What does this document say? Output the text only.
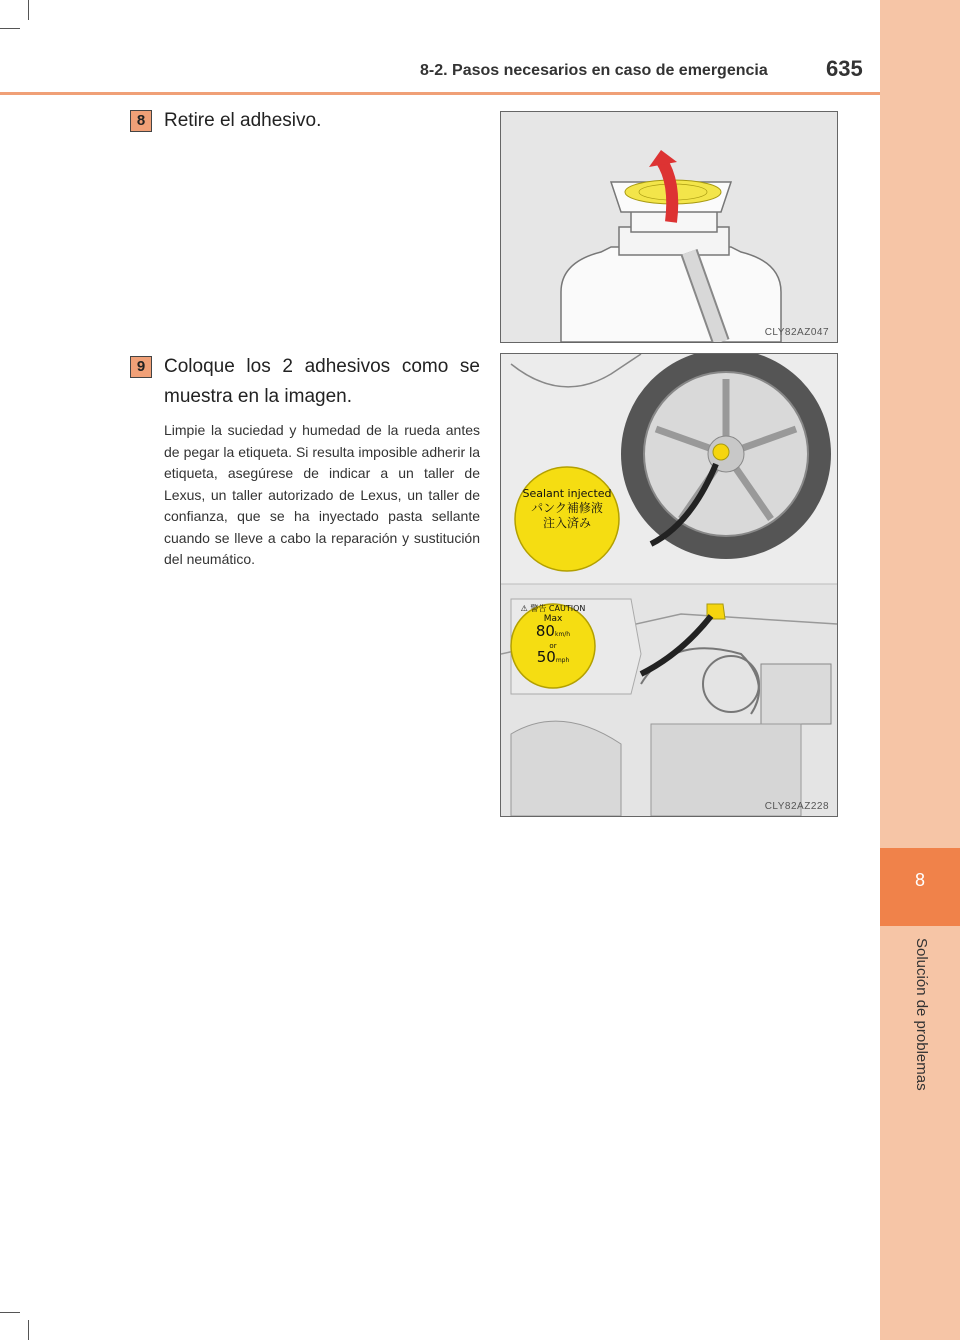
8
Solución de problemas
8-2. Pasos necesarios en caso de emergencia	635
8 Retire el adhesivo.
9 Coloque los 2 adhesivos como se
muestra en la imagen.
Limpie la suciedad y humedad de la rueda antes de pegar la etiqueta. Si resulta imposible adherir la etiqueta, asegúrese de indicar a un taller de Lexus, un taller autorizado de Lexus, un taller de confianza, que se ha inyectado pasta sellante cuando se lleve a cabo la reparación y sustitución del neumático.
CLY82AZ047
Sealant injected
パンク補修液
注入済み
⚠ 警告 CAUTION
Max
80km/h
or
50mph
CLY82AZ228
